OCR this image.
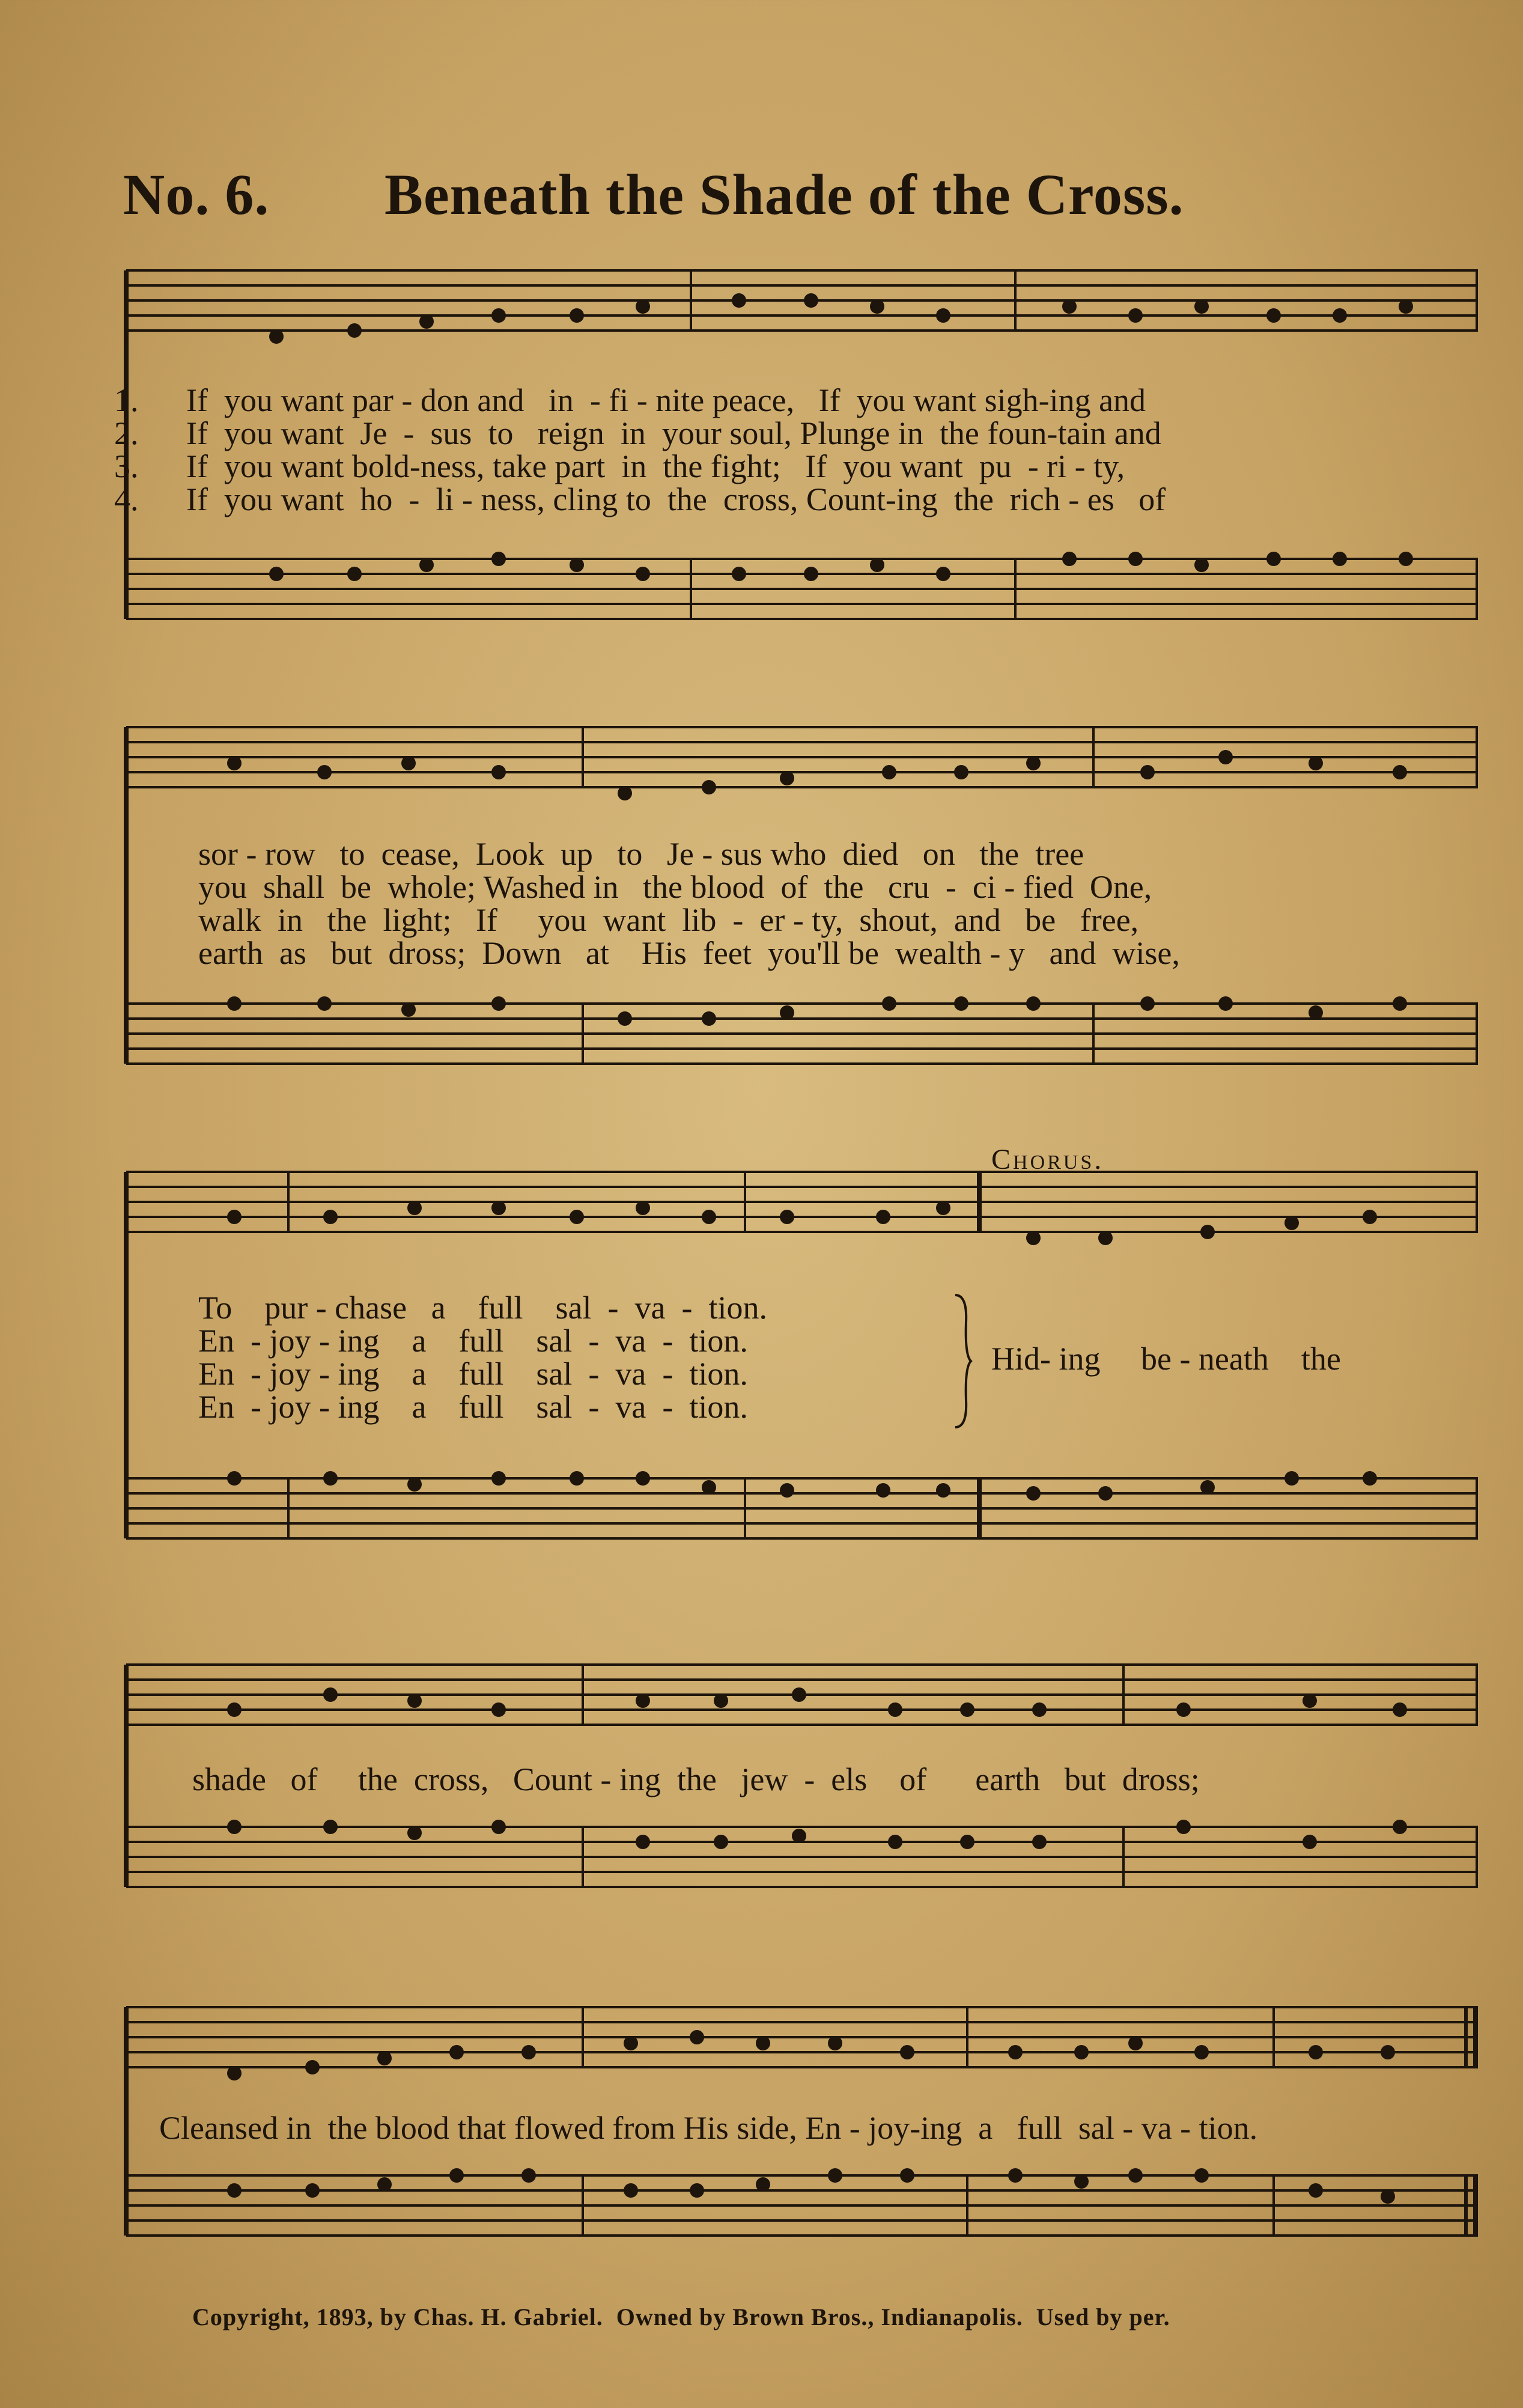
No. 6. Beneath the Shade of the Cross.
1. If  you want par - don and   in  - fi - nite peace,   If  you want sigh-ing and
2. If  you want  Je  -  sus  to   reign  in  your soul, Plunge in  the foun-tain and
3. If  you want bold-ness, take part  in  the fight;   If  you want  pu  - ri - ty,
4. If  you want  ho  -  li - ness, cling to  the  cross, Count-ing  the  rich - es   of
sor - row   to  cease,  Look  up   to   Je - sus who  died   on   the  tree
you  shall  be  whole; Washed in   the blood  of  the   cru  -  ci - fied  One,
walk  in   the  light;   If     you  want  lib  -  er - ty,  shout,  and   be   free,
earth  as   but  dross;  Down   at    His  feet  you'll be  wealth - y   and  wise,
Chorus.
To    pur - chase   a    full    sal  -  va  -  tion.
En  - joy - ing    a    full    sal  -  va  -  tion.
En  - joy - ing    a    full    sal  -  va  -  tion.
En  - joy - ing    a    full    sal  -  va  -  tion.
Hid- ing     be - neath    the
shade   of     the  cross,   Count - ing  the   jew  -  els    of      earth   but  dross;
Cleansed in  the blood that flowed from His side, En - joy-ing  a   full  sal - va - tion.
Copyright, 1893, by Chas. H. Gabriel.  Owned by Brown Bros., Indianapolis.  Used by per.
